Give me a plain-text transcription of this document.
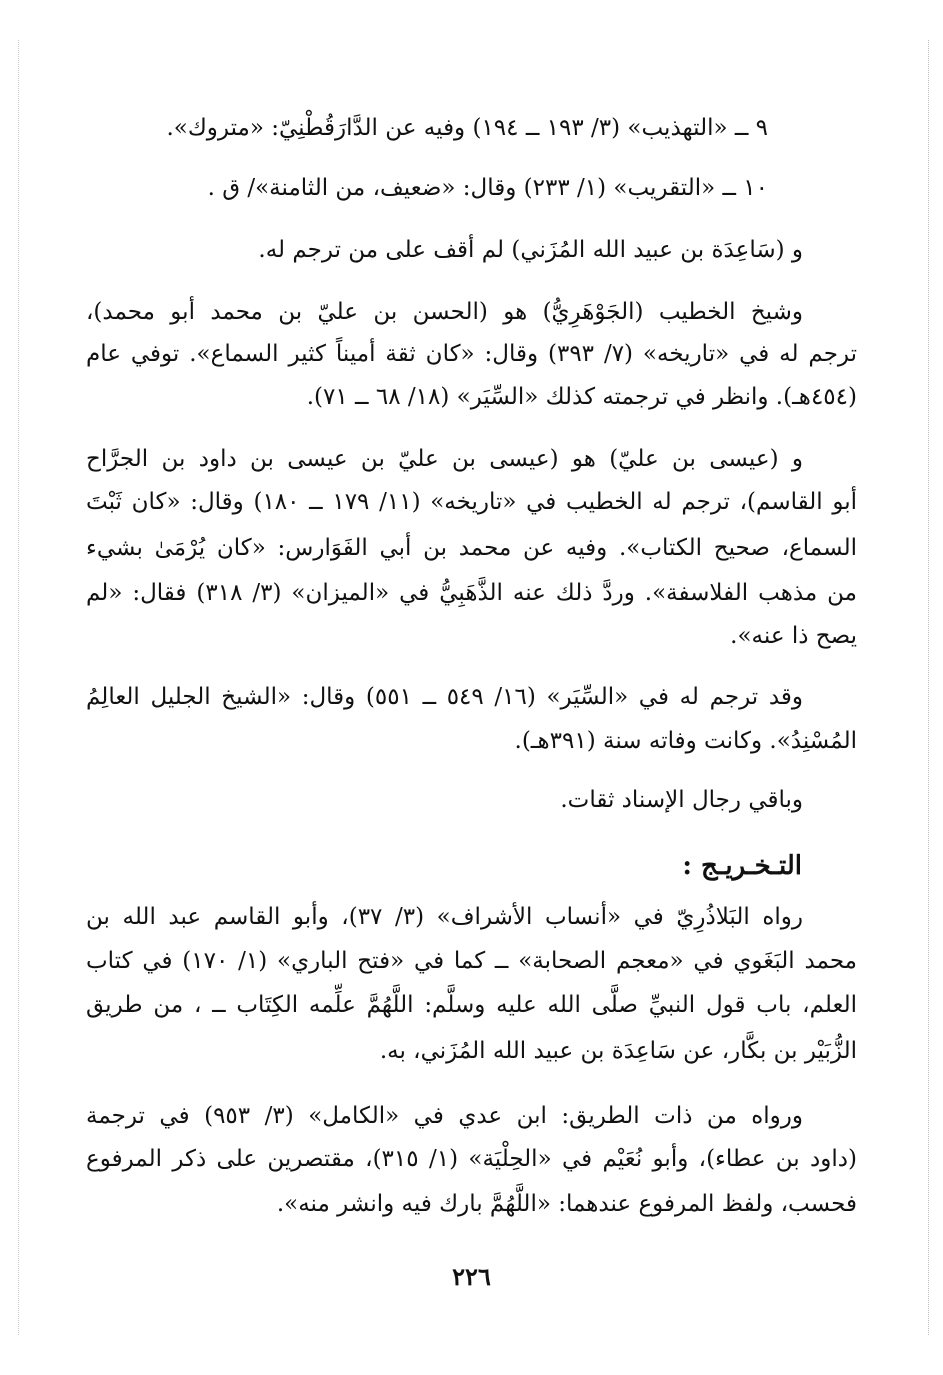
٩ ــ «التهذيب» (٣/ ١٩٣ ــ ١٩٤) وفيه عن الدَّارَقُطْنِيّ: «متروك».
١٠ ــ «التقريب» (١/ ٢٣٣) وقال: «ضعيف، من الثامنة»/ ق .
و (سَاعِدَة بن عبيد الله المُزَني) لم أقف على من ترجم له.
وشيخ الخطيب (الجَوْهَرِيُّ) هو (الحسن بن عليّ بن محمد أبو محمد)،
ترجم له في «تاريخه» (٧/ ٣٩٣) وقال: «كان ثقة أميناً كثير السماع». توفي عام
(٤٥٤هـ). وانظر في ترجمته كذلك «السِّيَر» (١٨/ ٦٨ ــ ٧١).
و (عيسى بن عليّ) هو (عيسى بن عليّ بن عيسى بن داود بن الجرَّاح
أبو القاسم)، ترجم له الخطيب في «تاريخه» (١١/ ١٧٩ ــ ١٨٠) وقال: «كان ثَبْتَ
السماع، صحيح الكتاب». وفيه عن محمد بن أبي الفَوَارس: «كان يُرْمَىٰ بشيء
من مذهب الفلاسفة». وردَّ ذلك عنه الذَّهَبِيُّ في «الميزان» (٣/ ٣١٨) فقال: «لم
يصح ذا عنه».
وقد ترجم له في «السِّيَر» (١٦/ ٥٤٩ ــ ٥٥١) وقال: «الشيخ الجليل العالِمُ
المُسْنِدُ». وكانت وفاته سنة (٣٩١هـ).
وباقي رجال الإسناد ثقات.
التـخـريـج :
رواه البَلاذُرِيّ في «أنساب الأشراف» (٣/ ٣٧)، وأبو القاسم عبد الله بن
محمد البَغَوي في «معجم الصحابة» ــ كما في «فتح الباري» (١/ ١٧٠) في كتاب
العلم، باب قول النبيِّ صلَّى الله عليه وسلَّم: اللَّهُمَّ علِّمه الكِتَاب ــ ، من طريق
الزُّبَيْر بن بكَّار، عن سَاعِدَة بن عبيد الله المُزَني، به.
ورواه من ذات الطريق: ابن عدي في «الكامل» (٣/ ٩٥٣) في ترجمة
(داود بن عطاء)، وأبو نُعَيْم في «الحِلْيَة» (١/ ٣١٥)، مقتصرين على ذكر المرفوع
فحسب، ولفظ المرفوع عندهما: «اللَّهُمَّ بارك فيه وانشر منه».
٢٢٦
